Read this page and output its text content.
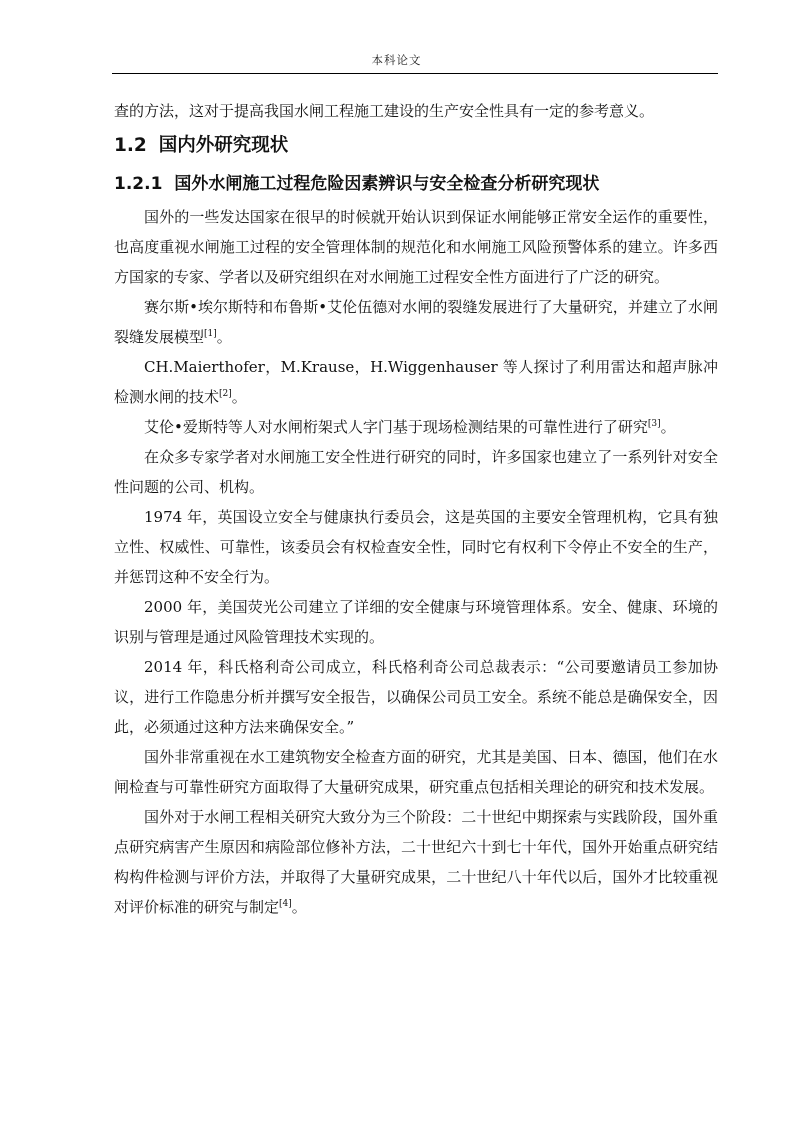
本科论文

查的方法，这对于提高我国水闸工程施工建设的生产安全性具有一定的参考意义。

1.2 国内外研究现状
1.2.1 国外水闸施工过程危险因素辨识与安全检查分析研究现状

国外的一些发达国家在很早的时候就开始认识到保证水闸能够正常安全运作的重要性，也高度重视水闸施工过程的安全管理体制的规范化和水闸施工风险预警体系的建立。许多西方国家的专家、学者以及研究组织在对水闸施工过程安全性方面进行了广泛的研究。

赛尔斯•埃尔斯特和布鲁斯•艾伦伍德对水闸的裂缝发展进行了大量研究，并建立了水闸裂缝发展模型[1]。

CH.Maierthofer，M.Krause，H.Wiggenhauser 等人探讨了利用雷达和超声脉冲检测水闸的技术[2]。

艾伦•爱斯特等人对水闸桁架式人字门基于现场检测结果的可靠性进行了研究[3]。

在众多专家学者对水闸施工安全性进行研究的同时，许多国家也建立了一系列针对安全性问题的公司、机构。

1974 年，英国设立安全与健康执行委员会，这是英国的主要安全管理机构，它具有独立性、权威性、可靠性，该委员会有权检查安全性，同时它有权利下令停止不安全的生产，并惩罚这种不安全行为。

2000 年，美国荧光公司建立了详细的安全健康与环境管理体系。安全、健康、环境的识别与管理是通过风险管理技术实现的。

2014 年，科氏格利奇公司成立，科氏格利奇公司总裁表示：“公司要邀请员工参加协议，进行工作隐患分析并撰写安全报告，以确保公司员工安全。系统不能总是确保安全，因此，必须通过这种方法来确保安全。”

国外非常重视在水工建筑物安全检查方面的研究，尤其是美国、日本、德国，他们在水闸检查与可靠性研究方面取得了大量研究成果，研究重点包括相关理论的研究和技术发展。

国外对于水闸工程相关研究大致分为三个阶段：二十世纪中期探索与实践阶段，国外重点研究病害产生原因和病险部位修补方法，二十世纪六十到七十年代，国外开始重点研究结构构件检测与评价方法，并取得了大量研究成果，二十世纪八十年代以后，国外才比较重视对评价标准的研究与制定[4]。
